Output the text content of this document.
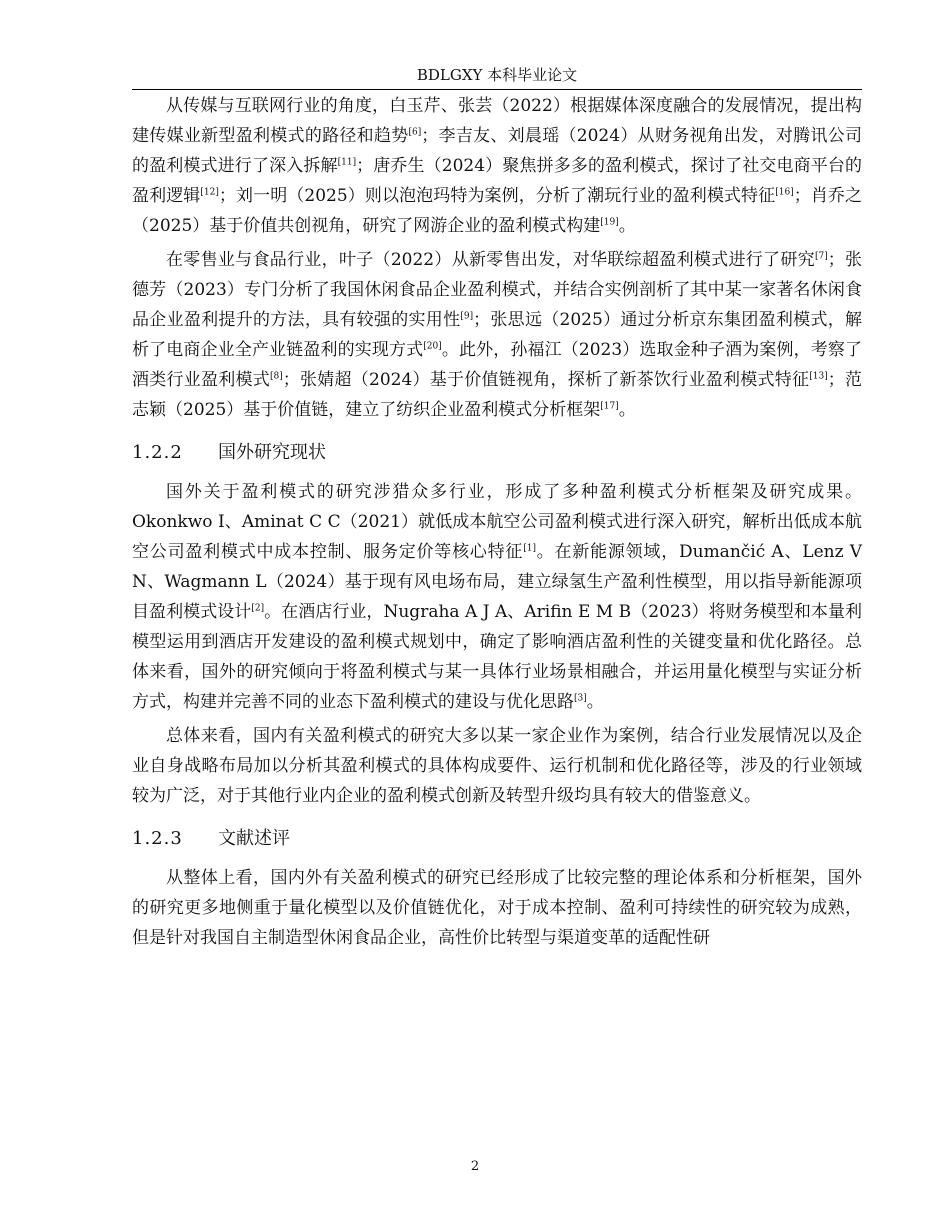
BDLGXY 本科毕业论文

从传媒与互联网行业的角度，白玉芹、张芸（2022）根据媒体深度融合的发展情况，提出构建传媒业新型盈利模式的路径和趋势[6]；李吉友、刘晨瑶（2024）从财务视角出发，对腾讯公司的盈利模式进行了深入拆解[11]；唐乔生（2024）聚焦拼多多的盈利模式，探讨了社交电商平台的盈利逻辑[12]；刘一明（2025）则以泡泡玛特为案例，分析了潮玩行业的盈利模式特征[16]；肖乔之（2025）基于价值共创视角，研究了网游企业的盈利模式构建[19]。

在零售业与食品行业，叶子（2022）从新零售出发，对华联综超盈利模式进行了研究[7]；张德芳（2023）专门分析了我国休闲食品企业盈利模式，并结合实例剖析了其中某一家著名休闲食品企业盈利提升的方法，具有较强的实用性[9]；张思远（2025）通过分析京东集团盈利模式，解析了电商企业全产业链盈利的实现方式[20]。此外，孙福江（2023）选取金种子酒为案例，考察了酒类行业盈利模式[8]；张婧超（2024）基于价值链视角，探析了新茶饮行业盈利模式特征[13]；范志颖（2025）基于价值链，建立了纺织企业盈利模式分析框架[17]。

1.2.2 国外研究现状

国外关于盈利模式的研究涉猎众多行业，形成了多种盈利模式分析框架及研究成果。Okonkwo I、Aminat C C（2021）就低成本航空公司盈利模式进行深入研究，解析出低成本航空公司盈利模式中成本控制、服务定价等核心特征[1]。在新能源领域，Dumančić A、Lenz V N、Wagmann L（2024）基于现有风电场布局，建立绿氢生产盈利性模型，用以指导新能源项目盈利模式设计[2]。在酒店行业，Nugraha A J A、Arifin E M B（2023）将财务模型和本量利模型运用到酒店开发建设的盈利模式规划中，确定了影响酒店盈利性的关键变量和优化路径。总体来看，国外的研究倾向于将盈利模式与某一具体行业场景相融合，并运用量化模型与实证分析方式，构建并完善不同的业态下盈利模式的建设与优化思路[3]。

总体来看，国内有关盈利模式的研究大多以某一家企业作为案例，结合行业发展情况以及企业自身战略布局加以分析其盈利模式的具体构成要件、运行机制和优化路径等，涉及的行业领域较为广泛，对于其他行业内企业的盈利模式创新及转型升级均具有较大的借鉴意义。

1.2.3 文献述评

从整体上看，国内外有关盈利模式的研究已经形成了比较完整的理论体系和分析框架，国外的研究更多地侧重于量化模型以及价值链优化，对于成本控制、盈利可持续性的研究较为成熟，但是针对我国自主制造型休闲食品企业，高性价比转型与渠道变革的适配性研

2
